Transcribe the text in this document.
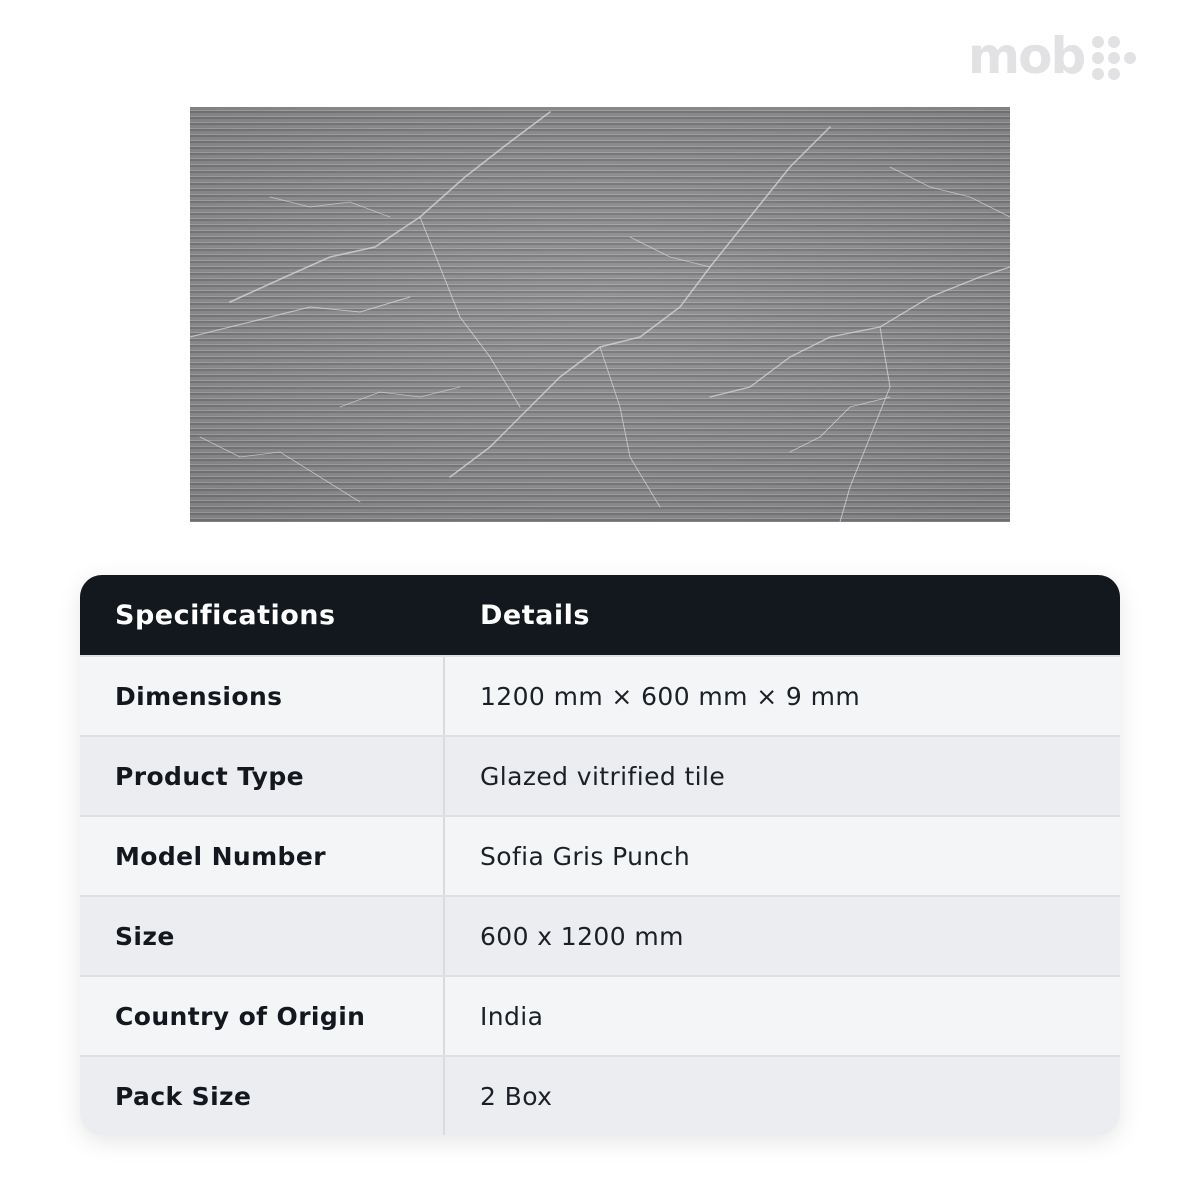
mob
Specifications	Details
Dimensions	1200 mm × 600 mm × 9 mm
Product Type	Glazed vitrified tile
Model Number	Sofia Gris Punch
Size	600 x 1200 mm
Country of Origin	India
Pack Size	2 Box
